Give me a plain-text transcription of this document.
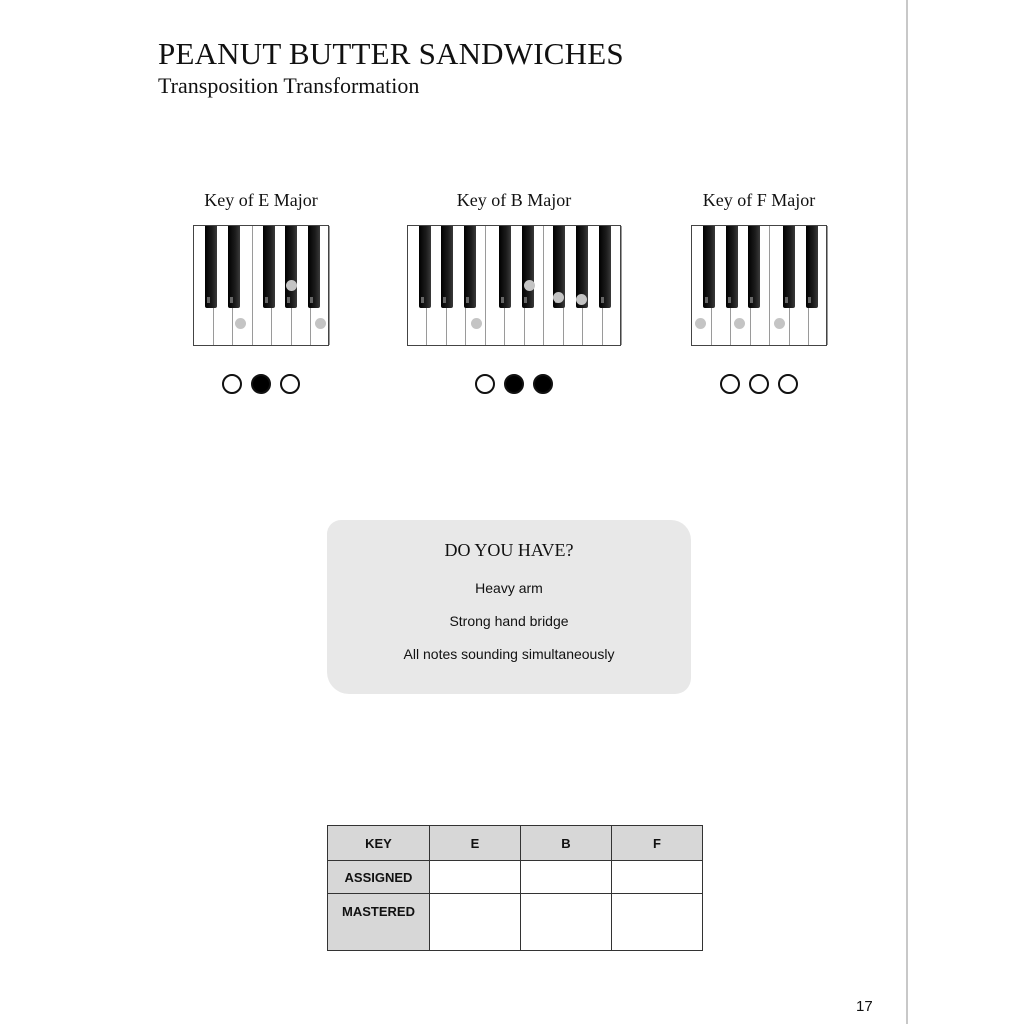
PEANUT BUTTER SANDWICHES
Transposition Transformation
Key of E Major	Key of B Major	Key of F Major
DO YOU HAVE?
Heavy arm
Strong hand bridge
All notes sounding simultaneously
KEY	E	B	F
ASSIGNED			
MASTERED			
17
